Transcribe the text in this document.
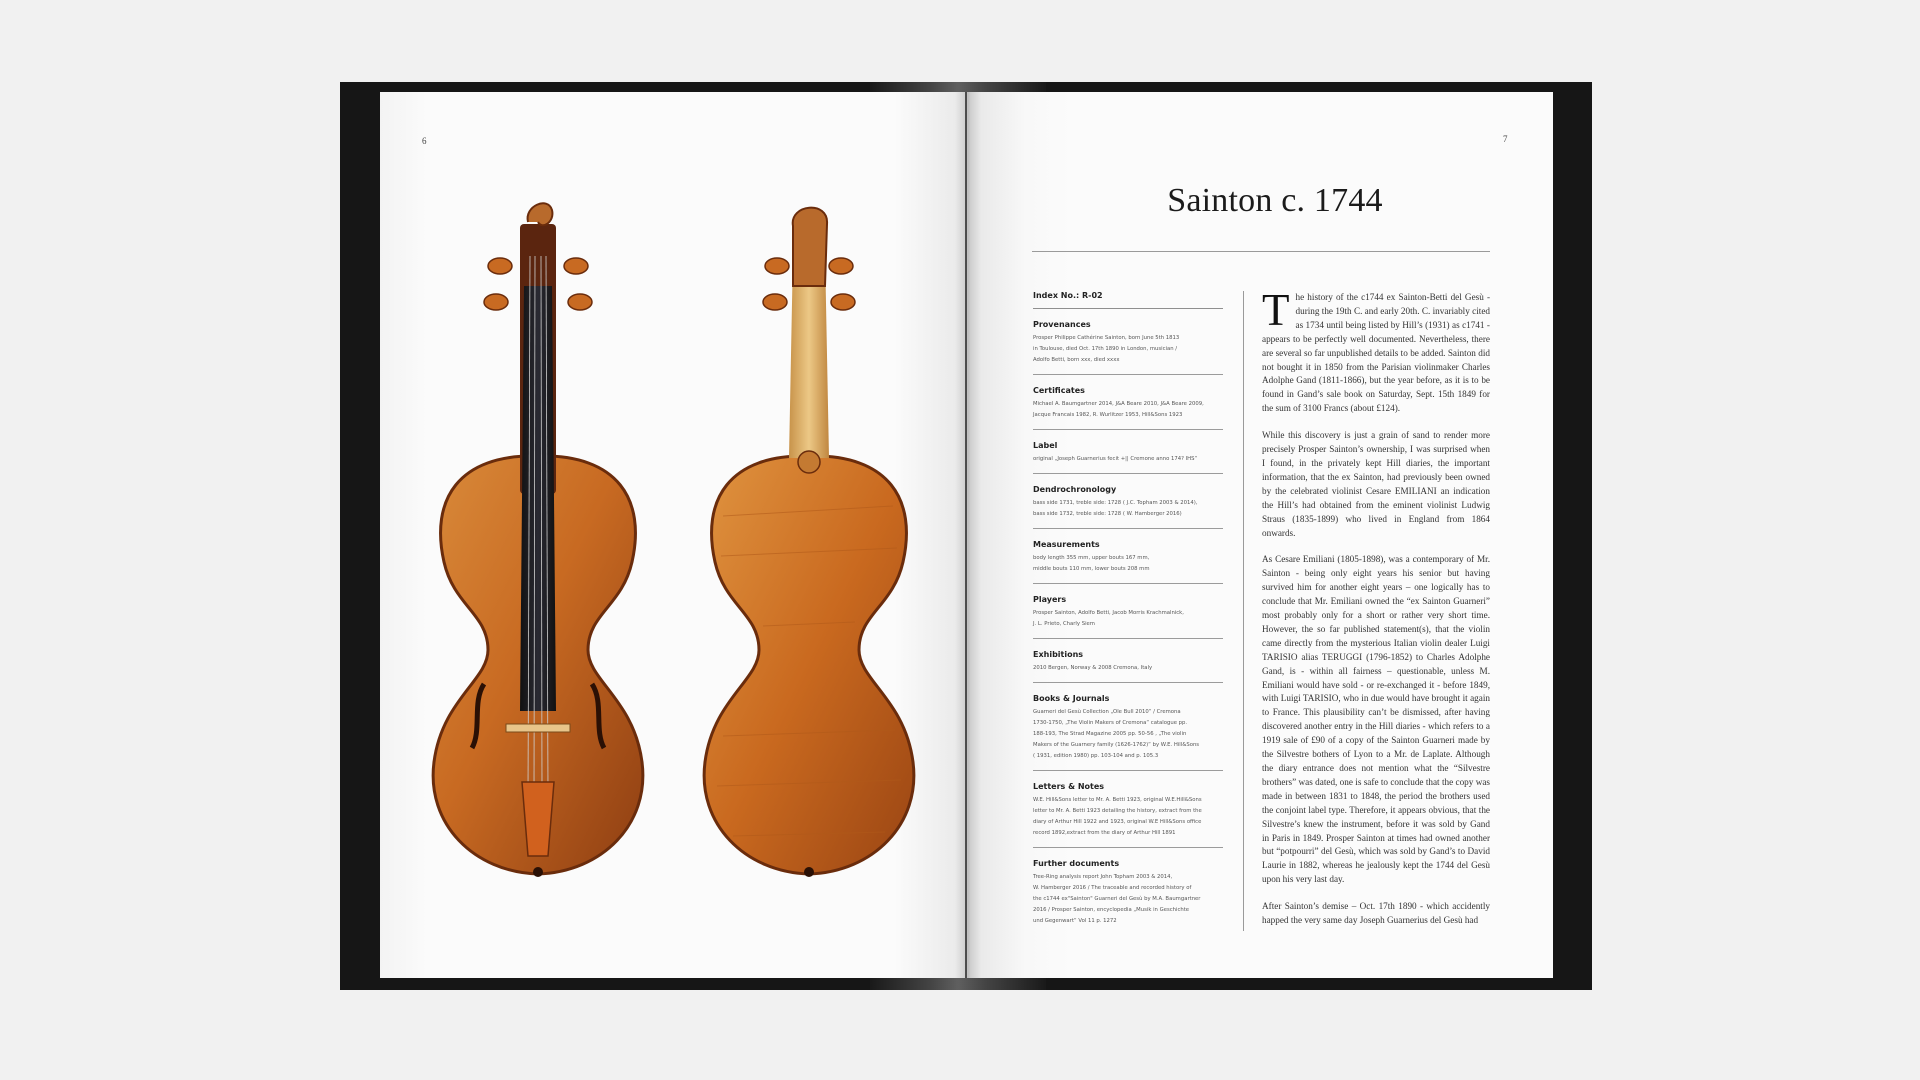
6	7
Sainton c. 1744
Index No.: R-02
Provenances
Prosper Philippe Cathérine Sainton, born June 5th 1813
in Toulouse, died Oct. 17th 1890 in London, musician /
Adolfo Betti, born xxx, died xxxx
Certificates
Michael A. Baumgartner 2014, J&A Beare 2010, J&A Beare 2009,
Jacque Francais 1982, R. Wurlitzer 1953, Hill&Sons 1923
Label
original „Joseph Guarnerius fecit +|| Cremone anno 174? IHS“
Dendrochronology
bass side 1731, treble side: 1728 ( J.C. Topham 2003 & 2014),
bass side 1732, treble side: 1728 ( W. Hamberger 2016)
Measurements
body length 355 mm, upper bouts 167 mm,
middle bouts 110 mm, lower bouts 208 mm
Players
Prosper Sainton, Adolfo Betti, Jacob Morris Krachmalnick,
J. L. Prieto, Charly Siem
Exhibitions
2010 Bergen, Norway & 2008 Cremona, Italy
Books & Journals
Guarneri del Gesù Collection „Ole Bull 2010“ / Cremona
1730-1750, „The Violin Makers of Cremona“ catalogue pp.
188-193, The Strad Magazine 2005 pp. 50-56 , „The violin
Makers of the Guarnery family (1626-1762)“ by W.E. Hill&Sons
( 1931, edition 1980) pp. 103-104 and p. 105.3
Letters & Notes
W.E. Hill&Sons letter to Mr. A. Betti 1923, original W.E.Hill&Sons
letter to Mr. A. Betti 1923 detailing the history, extract from the
diary of Arthur Hill 1922 and 1923, original W.E Hill&Sons office
record 1892,extract from the diary of Arthur Hill 1891
Further documents
Tree-Ring analysis report John Topham 2003 & 2014,
W. Hamberger 2016 / The traceable and recorded history of
the c1744 ex"Sainton" Guarneri del Gesù by M.A. Baumgartner
2016 / Prosper Sainton, encyclopedia „Musik in Geschichte
und Gegenwart“ Vol 11 p. 1272

The history of the c1744 ex Sainton-Betti del Gesù - during the 19th C. and early 20th. C. invariably cited as 1734 until being listed by Hill’s (1931) as c1741 - appears to be perfectly well documented. Nevertheless, there are several so far unpublished details to be added. Sainton did not bought it in 1850 from the Parisian violinmaker Charles Adolphe Gand (1811-1866), but the year before, as it is to be found in Gand’s sale book on Saturday, Sept. 15th 1849 for the sum of 3100 Francs (about £124).

While this discovery is just a grain of sand to render more precisely Prosper Sainton’s ownership, I was surprised when I found, in the privately kept Hill diaries, the important information, that the ex Sainton, had previously been owned by the celebrated violinist Cesare EMILIANI an indication the Hill’s had obtained from the eminent violinist Ludwig Straus (1835-1899) who lived in England from 1864 onwards.

As Cesare Emiliani (1805-1898), was a contemporary of Mr. Sainton - being only eight years his senior but having survived him for another eight years – one logically has to conclude that Mr. Emiliani owned the “ex Sainton Guarneri” most probably only for a short or rather very short time. However, the so far published statement(s), that the violin came directly from the mysterious Italian violin dealer Luigi TARISIO alias TERUGGI (1796-1852) to Charles Adolphe Gand, is - within all fairness – questionable, unless M. Emiliani would have sold - or re-exchanged it - before 1849, with Luigi TARISIO, who in due would have brought it again to France. This plausibility can’t be dismissed, after having discovered another entry in the Hill diaries - which refers to a 1919 sale of £90 of a copy of the Sainton Guarneri made by the Silvestre bothers of Lyon to a Mr. de Laplate. Although the diary entrance does not mention what the “Silvestre brothers” was dated, one is safe to conclude that the copy was made in between 1831 to 1848, the period the brothers used the conjoint label type. Therefore, it appears obvious, that the Silvestre’s knew the instrument, before it was sold by Gand in Paris in 1849. Prosper Sainton at times had owned another but “potpourri” del Gesù, which was sold by Gand’s to David Laurie in 1882, whereas he jealously kept the 1744 del Gesù upon his very last day.

After Sainton’s demise – Oct. 17th 1890 - which accidently happed the very same day Joseph Guarnerius del Gesù had
